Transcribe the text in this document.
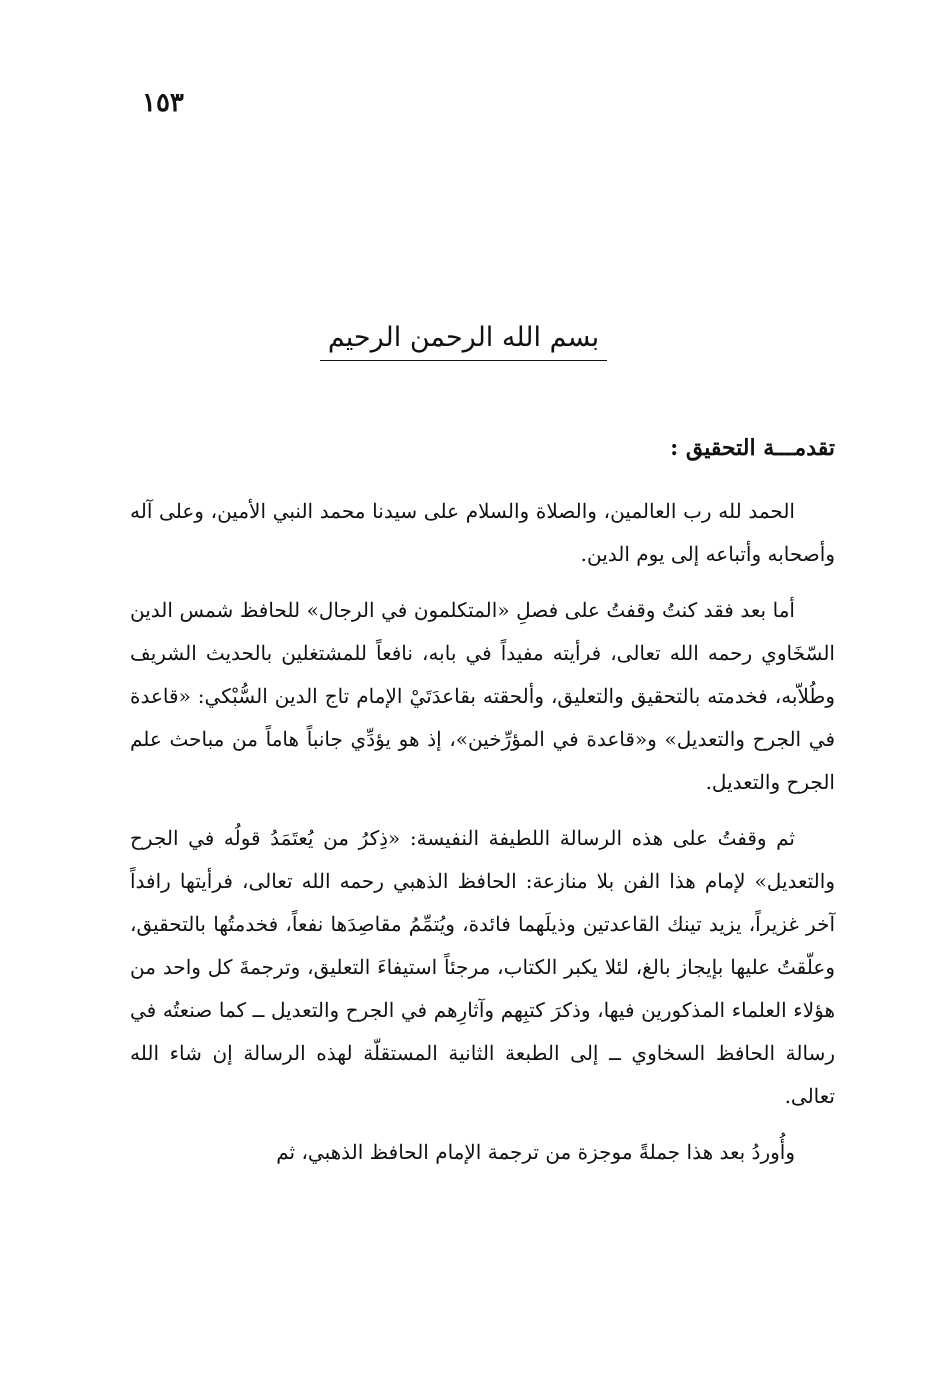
١٥٣
بسم الله الرحمن الرحيم
تقدمـــة التحقيق :

الحمد لله رب العالمين، والصلاة والسلام على سيدنا محمد النبي الأمين، وعلى آله وأصحابه وأتباعه إلى يوم الدين.

أما بعد فقد كنتُ وقفتُ على فصلِ «المتكلمون في الرجال» للحافظ شمس الدين السّخَاوي رحمه الله تعالى، فرأيته مفيداً في بابه، نافعاً للمشتغلين بالحديث الشريف وطُلاّبه، فخدمته بالتحقيق والتعليق، وألحقته بقاعدَتَيْ الإمام تاج الدين السُّبْكي: «قاعدة في الجرح والتعديل» و«قاعدة في المؤرِّخين»، إذ هو يؤدِّي جانباً هاماً من مباحث علم الجرح والتعديل.

ثم وقفتُ على هذه الرسالة اللطيفة النفيسة: «ذِكرُ من يُعتَمَدُ قولُه في الجرح والتعديل» لإمام هذا الفن بلا منازعة: الحافظ الذهبي رحمه الله تعالى، فرأيتها رافداً آخر غزيراً، يزيد تينك القاعدتين وذيلَهما فائدة، ويُتمِّمُ مقاصِدَها نفعاً، فخدمتُها بالتحقيق، وعلّقتُ عليها بإيجاز بالغ، لئلا يكبر الكتاب، مرجئاً استيفاءَ التعليق، وترجمةَ كل واحد من هؤلاء العلماء المذكورين فيها، وذكرَ كتبِهم وآثارِهم في الجرح والتعديل ــ كما صنعتُه في رسالة الحافظ السخاوي ــ إلى الطبعة الثانية المستقلّة لهذه الرسالة إن شاء الله تعالى.

وأُوردُ بعد هذا جملةً موجزة من ترجمة الإمام الحافظ الذهبي، ثم
